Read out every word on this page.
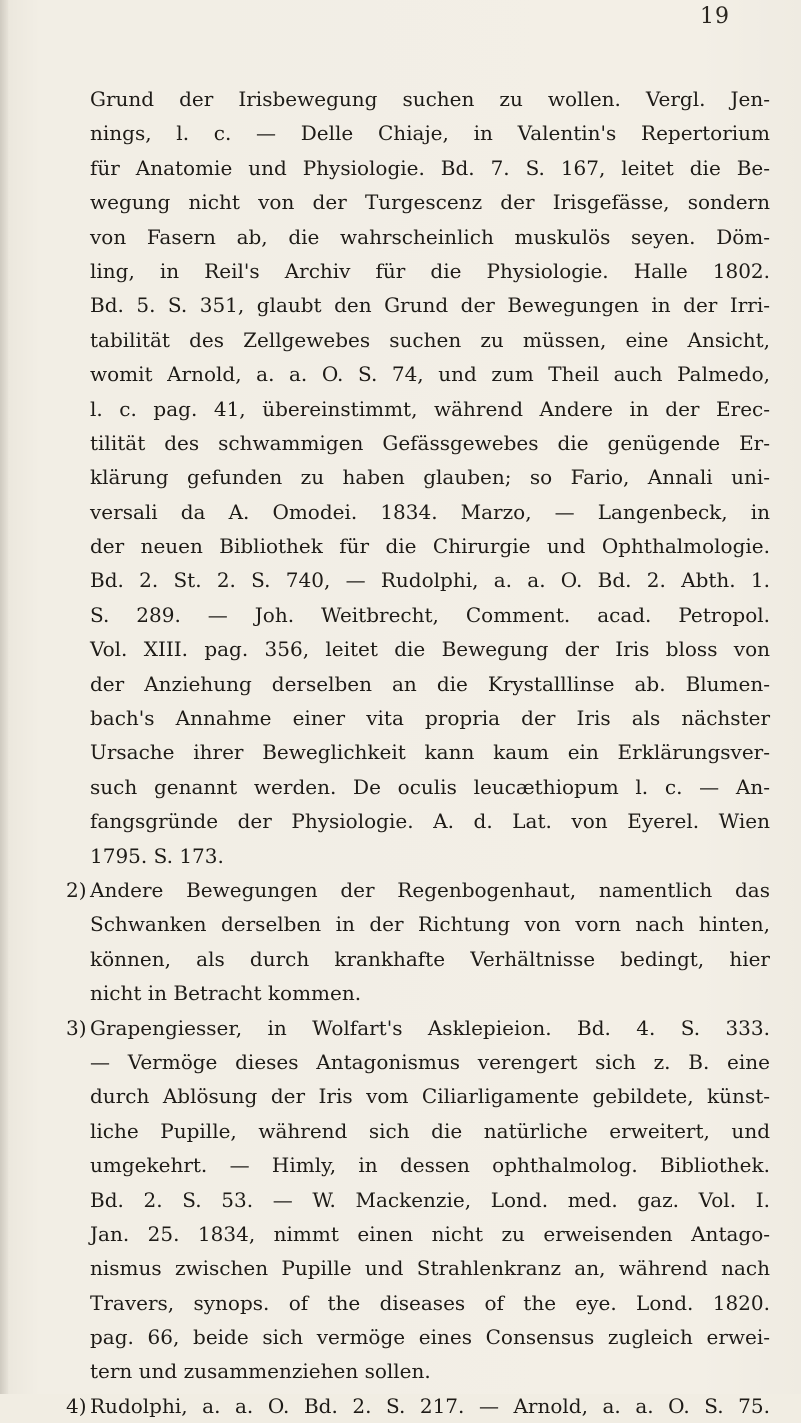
19
Grund der Irisbewegung suchen zu wollen. Vergl. Jen-
nings, l. c. — Delle Chiaje, in Valentin's Repertorium
für Anatomie und Physiologie. Bd. 7. S. 167, leitet die Be-
wegung nicht von der Turgescenz der Irisgefässe, sondern
von Fasern ab, die wahrscheinlich muskulös seyen. Döm-
ling, in Reil's Archiv für die Physiologie. Halle 1802.
Bd. 5. S. 351, glaubt den Grund der Bewegungen in der Irri-
tabilität des Zellgewebes suchen zu müssen, eine Ansicht,
womit Arnold, a. a. O. S. 74, und zum Theil auch Palmedo,
l. c. pag. 41, übereinstimmt, während Andere in der Erec-
tilität des schwammigen Gefässgewebes die genügende Er-
klärung gefunden zu haben glauben; so Fario, Annali uni-
versali da A. Omodei. 1834. Marzo, — Langenbeck, in
der neuen Bibliothek für die Chirurgie und Ophthalmologie.
Bd. 2. St. 2. S. 740, — Rudolphi, a. a. O. Bd. 2. Abth. 1.
S. 289. — Joh. Weitbrecht, Comment. acad. Petropol.
Vol. XIII. pag. 356, leitet die Bewegung der Iris bloss von
der Anziehung derselben an die Krystalllinse ab. Blumen-
bach's Annahme einer vita propria der Iris als nächster
Ursache ihrer Beweglichkeit kann kaum ein Erklärungsver-
such genannt werden. De oculis leucæthiopum l. c. — An-
fangsgründe der Physiologie. A. d. Lat. von Eyerel. Wien
1795. S. 173.
2) Andere Bewegungen der Regenbogenhaut, namentlich das
Schwanken derselben in der Richtung von vorn nach hinten,
können, als durch krankhafte Verhältnisse bedingt, hier
nicht in Betracht kommen.
3) Grapengiesser, in Wolfart's Asklepieion. Bd. 4. S. 333.
— Vermöge dieses Antagonismus verengert sich z. B. eine
durch Ablösung der Iris vom Ciliarligamente gebildete, künst-
liche Pupille, während sich die natürliche erweitert, und
umgekehrt. — Himly, in dessen ophthalmolog. Bibliothek.
Bd. 2. S. 53. — W. Mackenzie, Lond. med. gaz. Vol. I.
Jan. 25. 1834, nimmt einen nicht zu erweisenden Antago-
nismus zwischen Pupille und Strahlenkranz an, während nach
Travers, synops. of the diseases of the eye. Lond. 1820.
pag. 66, beide sich vermöge eines Consensus zugleich erwei-
tern und zusammenziehen sollen.
4) Rudolphi, a. a. O. Bd. 2. S. 217. — Arnold, a. a. O. S. 75.
